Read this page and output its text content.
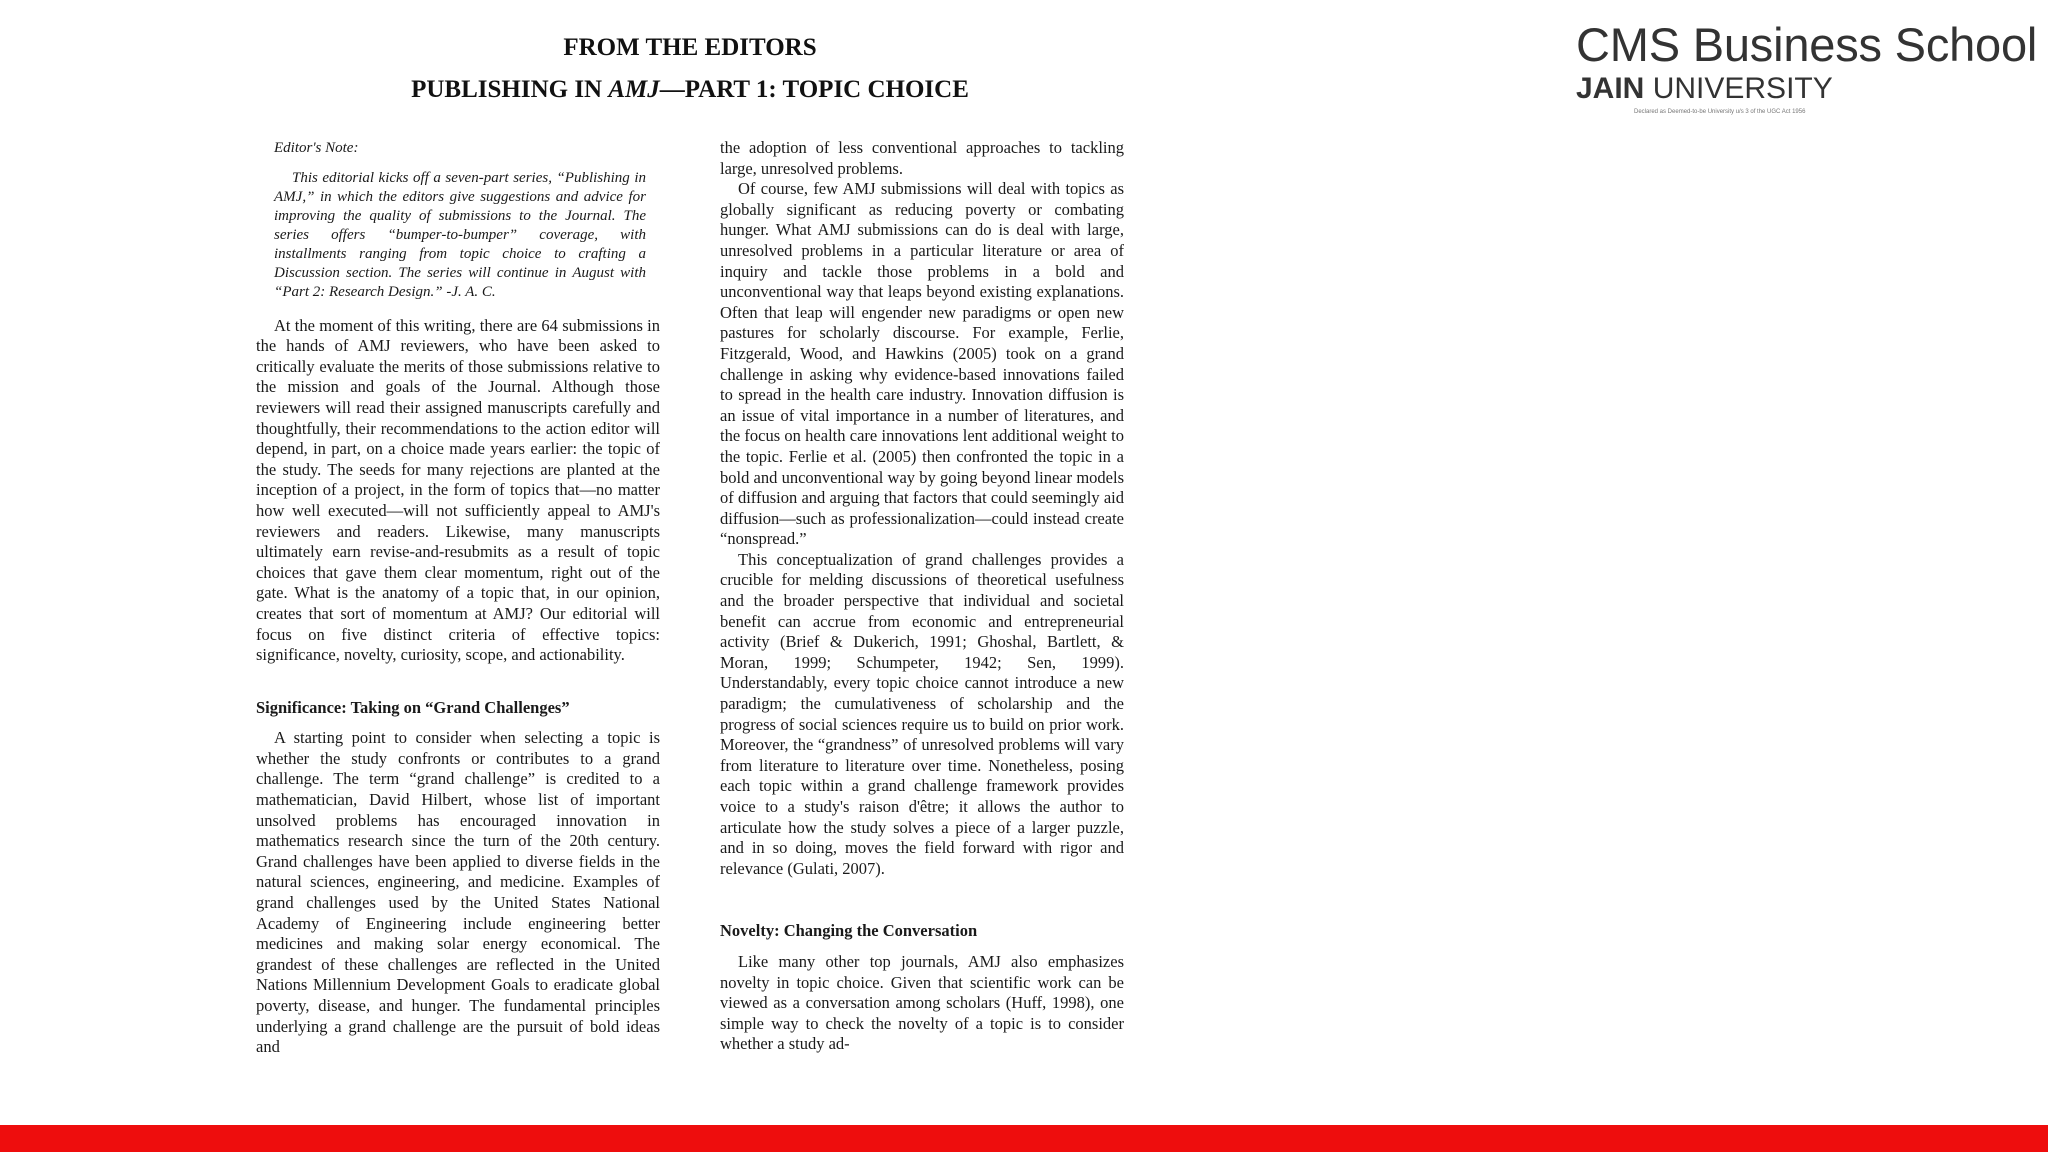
CMS Business School
JAIN UNIVERSITY
Declared as Deemed-to-be University u/s 3 of the UGC Act 1956
FROM THE EDITORS
PUBLISHING IN AMJ—PART 1: TOPIC CHOICE
Editor's Note:
This editorial kicks off a seven-part series, “Publishing in AMJ,” in which the editors give suggestions and advice for improving the quality of submissions to the Journal. The series offers “bumper-to-bumper” coverage, with installments ranging from topic choice to crafting a Discussion section. The series will continue in August with “Part 2: Research Design.” -J. A. C.

At the moment of this writing, there are 64 submissions in the hands of AMJ reviewers, who have been asked to critically evaluate the merits of those submissions relative to the mission and goals of the Journal. Although those reviewers will read their assigned manuscripts carefully and thoughtfully, their recommendations to the action editor will depend, in part, on a choice made years earlier: the topic of the study. The seeds for many rejections are planted at the inception of a project, in the form of topics that—no matter how well executed—will not sufficiently appeal to AMJ's reviewers and readers. Likewise, many manuscripts ultimately earn revise-and-resubmits as a result of topic choices that gave them clear momentum, right out of the gate. What is the anatomy of a topic that, in our opinion, creates that sort of momentum at AMJ? Our editorial will focus on five distinct criteria of effective topics: significance, novelty, curiosity, scope, and actionability.

Significance: Taking on “Grand Challenges”

A starting point to consider when selecting a topic is whether the study confronts or contributes to a grand challenge. The term “grand challenge” is credited to a mathematician, David Hilbert, whose list of important unsolved problems has encouraged innovation in mathematics research since the turn of the 20th century. Grand challenges have been applied to diverse fields in the natural sciences, engineering, and medicine. Examples of grand challenges used by the United States National Academy of Engineering include engineering better medicines and making solar energy economical. The grandest of these challenges are reflected in the United Nations Millennium Development Goals to eradicate global poverty, disease, and hunger. The fundamental principles underlying a grand challenge are the pursuit of bold ideas and

the adoption of less conventional approaches to tackling large, unresolved problems.

Of course, few AMJ submissions will deal with topics as globally significant as reducing poverty or combating hunger. What AMJ submissions can do is deal with large, unresolved problems in a particular literature or area of inquiry and tackle those problems in a bold and unconventional way that leaps beyond existing explanations. Often that leap will engender new paradigms or open new pastures for scholarly discourse. For example, Ferlie, Fitzgerald, Wood, and Hawkins (2005) took on a grand challenge in asking why evidence-based innovations failed to spread in the health care industry. Innovation diffusion is an issue of vital importance in a number of literatures, and the focus on health care innovations lent additional weight to the topic. Ferlie et al. (2005) then confronted the topic in a bold and unconventional way by going beyond linear models of diffusion and arguing that factors that could seemingly aid diffusion—such as professionalization—could instead create “nonspread.”

This conceptualization of grand challenges provides a crucible for melding discussions of theoretical usefulness and the broader perspective that individual and societal benefit can accrue from economic and entrepreneurial activity (Brief & Dukerich, 1991; Ghoshal, Bartlett, & Moran, 1999; Schumpeter, 1942; Sen, 1999). Understandably, every topic choice cannot introduce a new paradigm; the cumulativeness of scholarship and the progress of social sciences require us to build on prior work. Moreover, the “grandness” of unresolved problems will vary from literature to literature over time. Nonetheless, posing each topic within a grand challenge framework provides voice to a study's raison d'être; it allows the author to articulate how the study solves a piece of a larger puzzle, and in so doing, moves the field forward with rigor and relevance (Gulati, 2007).

Novelty: Changing the Conversation

Like many other top journals, AMJ also emphasizes novelty in topic choice. Given that scientific work can be viewed as a conversation among scholars (Huff, 1998), one simple way to check the novelty of a topic is to consider whether a study ad-
